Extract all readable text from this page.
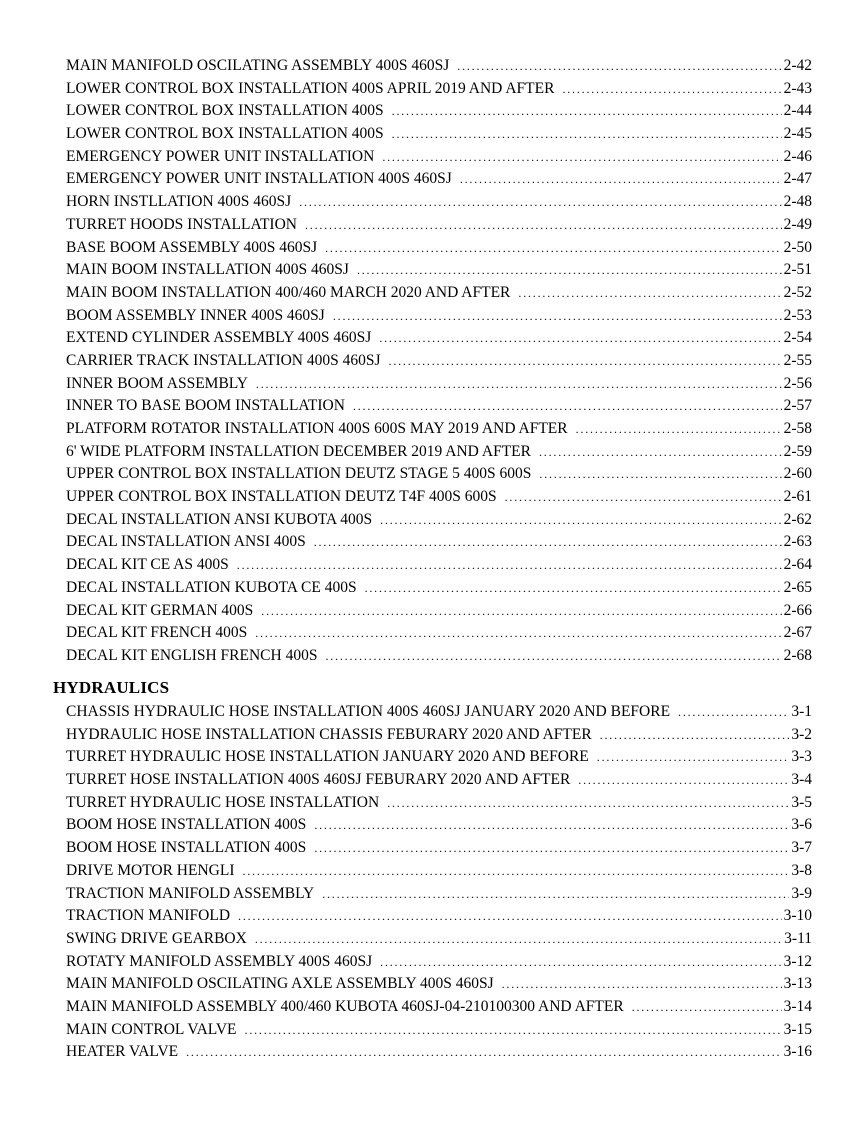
MAIN MANIFOLD OSCILATING ASSEMBLY 400S 460SJ . . .	2-42
LOWER CONTROL BOX INSTALLATION 400S APRIL 2019 AND AFTER . . .	2-43
LOWER CONTROL BOX INSTALLATION 400S . . .	2-44
LOWER CONTROL BOX INSTALLATION 400S . . .	2-45
EMERGENCY POWER UNIT INSTALLATION . . .	2-46
EMERGENCY POWER UNIT INSTALLATION 400S 460SJ . . .	2-47
HORN INSTLLATION 400S 460SJ . . .	2-48
TURRET HOODS INSTALLATION . . .	2-49
BASE BOOM ASSEMBLY 400S 460SJ . . .	2-50
MAIN BOOM INSTALLATION 400S 460SJ . . .	2-51
MAIN BOOM INSTALLATION 400/460 MARCH 2020 AND AFTER . . .	2-52
BOOM ASSEMBLY INNER 400S 460SJ . . .	2-53
EXTEND CYLINDER ASSEMBLY 400S 460SJ . . .	2-54
CARRIER TRACK INSTALLATION 400S 460SJ . . .	2-55
INNER BOOM ASSEMBLY . . .	2-56
INNER TO BASE BOOM INSTALLATION . . .	2-57
PLATFORM ROTATOR INSTALLATION 400S 600S MAY 2019 AND AFTER . . .	2-58
6' WIDE PLATFORM INSTALLATION DECEMBER 2019 AND AFTER . . .	2-59
UPPER CONTROL BOX INSTALLATION DEUTZ STAGE 5 400S 600S . . .	2-60
UPPER CONTROL BOX INSTALLATION DEUTZ T4F 400S 600S . . .	2-61
DECAL INSTALLATION ANSI KUBOTA 400S . . .	2-62
DECAL INSTALLATION ANSI 400S . . .	2-63
DECAL KIT CE AS 400S . . .	2-64
DECAL INSTALLATION KUBOTA CE 400S . . .	2-65
DECAL KIT GERMAN 400S . . .	2-66
DECAL KIT FRENCH 400S . . .	2-67
DECAL KIT ENGLISH FRENCH 400S . . .	2-68
HYDRAULICS
CHASSIS HYDRAULIC HOSE INSTALLATION 400S 460SJ JANUARY 2020 AND BEFORE . . .	3-1
HYDRAULIC HOSE INSTALLATION CHASSIS FEBURARY 2020 AND AFTER . . .	3-2
TURRET HYDRAULIC HOSE INSTALLATION JANUARY 2020 AND BEFORE . . .	3-3
TURRET HOSE INSTALLATION 400S 460SJ FEBURARY 2020 AND AFTER . . .	3-4
TURRET HYDRAULIC HOSE INSTALLATION . . .	3-5
BOOM HOSE INSTALLATION 400S . . .	3-6
BOOM HOSE INSTALLATION 400S . . .	3-7
DRIVE MOTOR HENGLI . . .	3-8
TRACTION MANIFOLD ASSEMBLY . . .	3-9
TRACTION MANIFOLD . . .	3-10
SWING DRIVE GEARBOX . . .	3-11
ROTATY MANIFOLD ASSEMBLY 400S 460SJ . . .	3-12
MAIN MANIFOLD OSCILATING AXLE ASSEMBLY 400S 460SJ . . .	3-13
MAIN MANIFOLD ASSEMBLY 400/460 KUBOTA 460SJ-04-210100300 AND AFTER . . .	3-14
MAIN CONTROL VALVE . . .	3-15
HEATER VALVE . . .	3-16
